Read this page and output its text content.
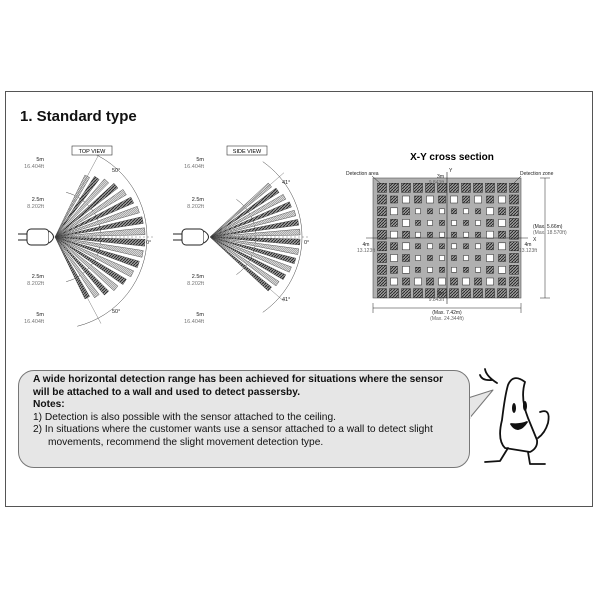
1. Standard type
TOP VIEW
5m
16.404ft
2.5m
8.202ft
2.5m
8.202ft
5m
16.404ft
50°
0°
50°
SIDE VIEW
5m
16.404ft
2.5m
8.202ft
2.5m
8.202ft
5m
16.404ft
41°
0°
41°
X-Y cross section
Detection area	Detection zone
Y
X
3m
9.843ft
3m
9.843ft
4m
13.123ft
4m
13.123ft
(Max. 5.66m)
(Max. 18.570ft)
(Max. 7.42m)
(Max. 24.344ft)
A wide horizontal detection range has been achieved for situations where the sensor will be attached to a wall and used to detect passersby.
Notes:
1) Detection is also possible with the sensor attached to the ceiling.
2) In situations where the customer wants use a sensor attached to a wall to detect slight movements, recommend the slight movement detection type.
